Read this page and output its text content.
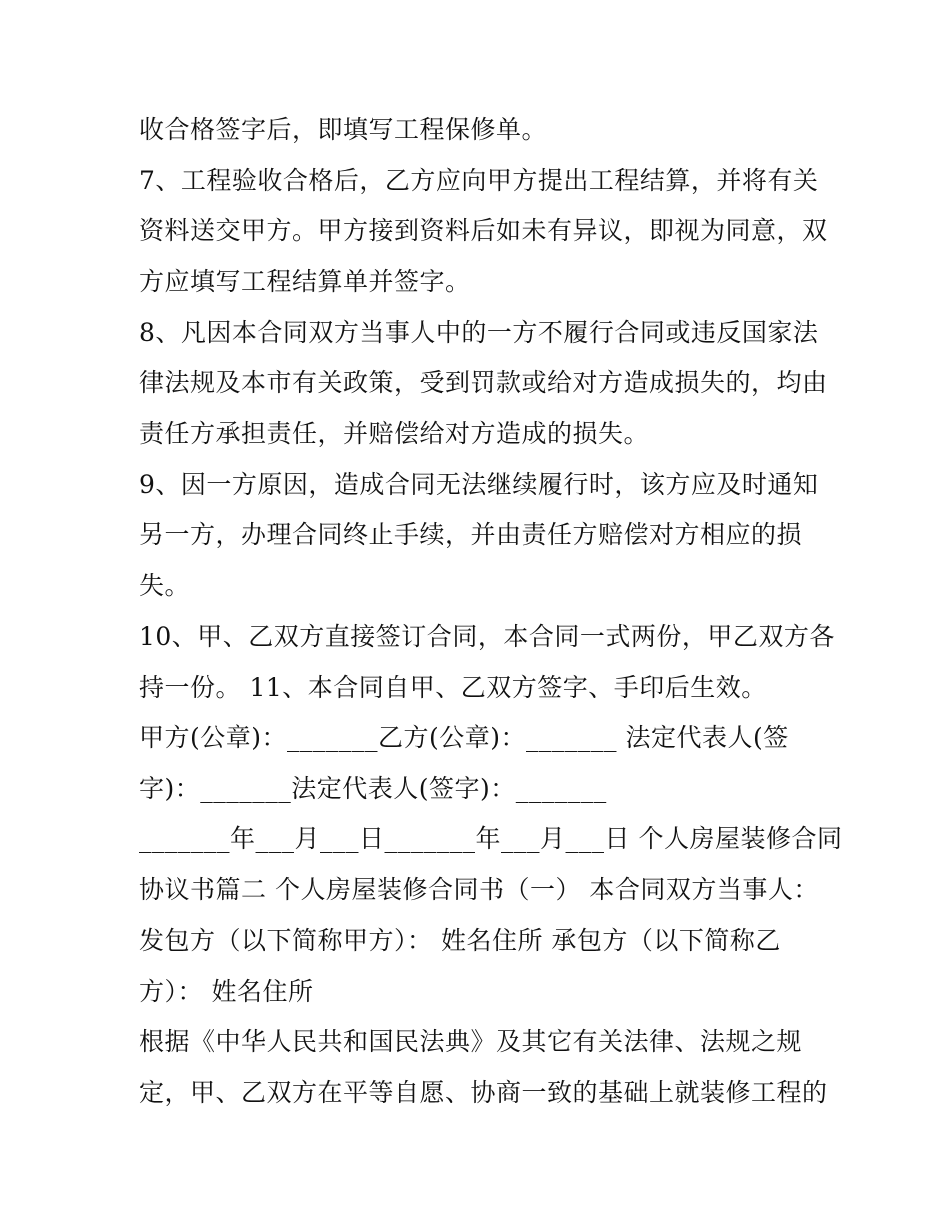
收合格签字后，即填写工程保修单。
7、工程验收合格后，乙方应向甲方提出工程结算，并将有关
资料送交甲方。甲方接到资料后如未有异议，即视为同意，双
方应填写工程结算单并签字。
8、凡因本合同双方当事人中的一方不履行合同或违反国家法
律法规及本市有关政策，受到罚款或给对方造成损失的，均由
责任方承担责任，并赔偿给对方造成的损失。
9、因一方原因，造成合同无法继续履行时，该方应及时通知
另一方，办理合同终止手续，并由责任方赔偿对方相应的损
失。
10、甲、乙双方直接签订合同，本合同一式两份，甲乙双方各
持一份。 11、本合同自甲、乙双方签字、手印后生效。
甲方(公章)：_______乙方(公章)：_______ 法定代表人(签
字)：_______法定代表人(签字)：_______
_______年___月___日_______年___月___日 个人房屋装修合同
协议书篇二 个人房屋装修合同书（一） 本合同双方当事人：
发包方（以下简称甲方）： 姓名住所 承包方（以下简称乙
方）： 姓名住所
根据《中华人民共和国民法典》及其它有关法律、法规之规
定，甲、乙双方在平等自愿、协商一致的基础上就装修工程的
